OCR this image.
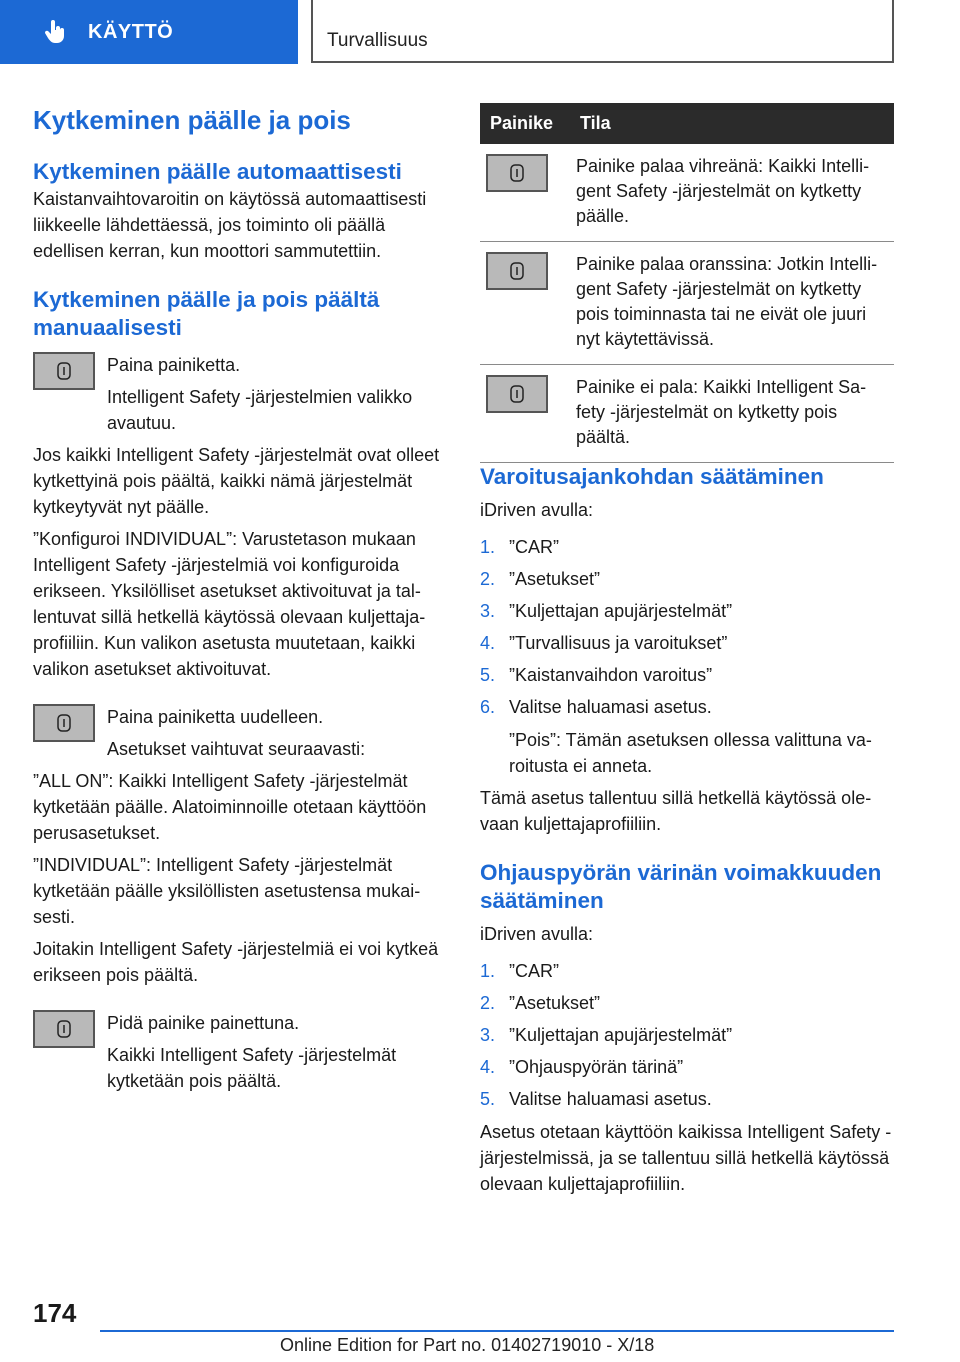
KÄYTTÖ	Turvallisuus
Kytkeminen päälle ja pois
Kytkeminen päälle automaattisesti

Kaistanvaihtovaroitin on käytössä automaattisesti liikkeelle lähdettäessä, jos toiminto oli päällä edellisen kerran, kun moottori sammutettiin.

Kytkeminen päälle ja pois päältä manuaalisesti

Paina painiketta.

Intelligent Safety -järjestelmien valikko avautuu.

Jos kaikki Intelligent Safety -järjestelmät ovat olleet kytkettyinä pois päältä, kaikki nämä järjestelmät kytkeytyvät nyt päälle.

”Konfiguroi INDIVIDUAL”: Varustetason mukaan Intelligent Safety -järjestelmiä voi konfiguroida erikseen. Yksilölliset asetukset aktivoituvat ja tallentuvat sillä hetkellä käytössä olevaan kuljettajaprofiiliin. Kun valikon asetusta muutetaan, kaikki valikon asetukset aktivoituvat.

Paina painiketta uudelleen.

Asetukset vaihtuvat seuraavasti:

”ALL ON”: Kaikki Intelligent Safety -järjestelmät kytketään päälle. Alatoiminnoille otetaan käyttöön perusasetukset.

”INDIVIDUAL”: Intelligent Safety -järjestelmät kytketään päälle yksilöllisten asetustensa mukaisesti.

Joitakin Intelligent Safety -järjestelmiä ei voi kytkeä erikseen pois päältä.

Pidä painike painettuna.

Kaikki Intelligent Safety -järjestelmät kytketään pois päältä.

Painike	Tila

	Painike palaa vihreänä: Kaikki Intelligent Safety -järjestelmät on kytketty päälle.

	Painike palaa oranssina: Jotkin Intelligent Safety -järjestelmät on kytketty pois toiminnasta tai ne eivät ole juuri nyt käytettävissä.

	Painike ei pala: Kaikki Intelligent Safety -järjestelmät on kytketty pois päältä.
Varoitusajankohdan säätäminen

iDriven avulla:

1. ”CAR”
2. ”Asetukset”
3. ”Kuljettajan apujärjestelmät”
4. ”Turvallisuus ja varoitukset”
5. ”Kaistanvaihdon varoitus”
6. Valitse haluamasi asetus.

”Pois”: Tämän asetuksen ollessa valittuna varoitusta ei anneta.

Tämä asetus tallentuu sillä hetkellä käytössä olevaan kuljettajaprofiiliin.

Ohjauspyörän värinän voimakkuuden säätäminen

iDriven avulla:

1. ”CAR”
2. ”Asetukset”
3. ”Kuljettajan apujärjestelmät”
4. ”Ohjauspyörän tärinä”
5. Valitse haluamasi asetus.

Asetus otetaan käyttöön kaikissa Intelligent Safety -järjestelmissä, ja se tallentuu sillä hetkellä käytössä olevaan kuljettajaprofiiliin.

174
Online Edition for Part no. 01402719010 - X/18
